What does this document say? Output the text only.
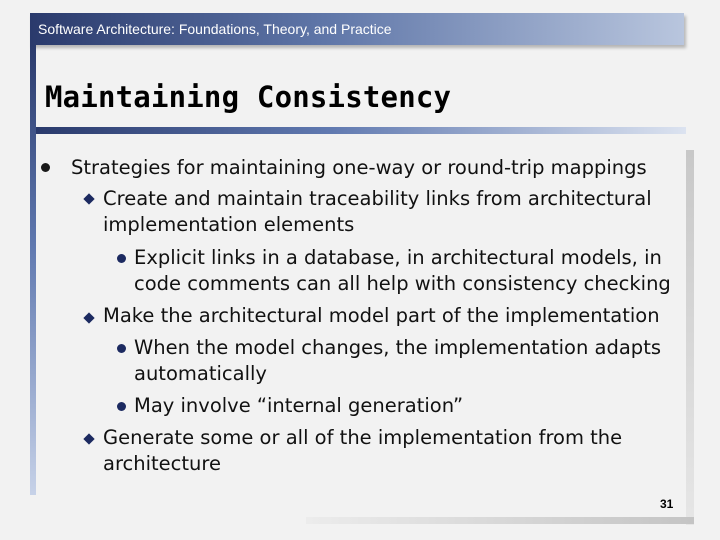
Software Architecture: Foundations, Theory, and Practice
Maintaining Consistency
Strategies for maintaining one-way or round-trip mappings
Create and maintain traceability links from architectural
implementation elements
Explicit links in a database, in architectural models, in
code comments can all help with consistency checking
Make the architectural model part of the implementation
When the model changes, the implementation adapts
automatically
May involve “internal generation”
Generate some or all of the implementation from the
architecture
31
